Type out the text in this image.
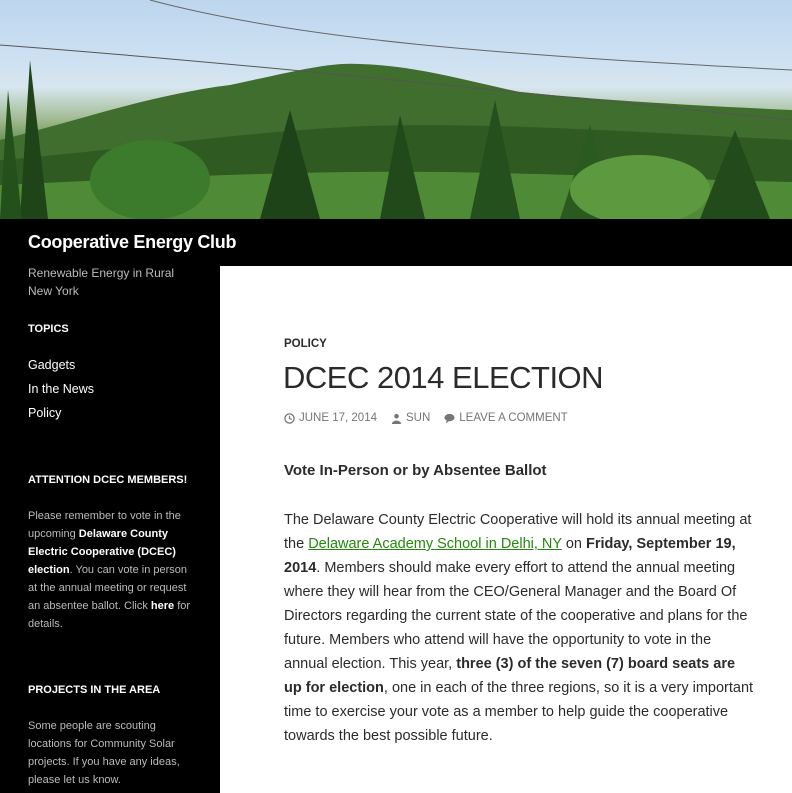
Cooperative Energy Club
Renewable Energy in Rural New York
TOPICS
Gadgets
In the News
Policy
ATTENTION DCEC MEMBERS!
Please remember to vote in the upcoming Delaware County Electric Cooperative (DCEC) election. You can vote in person at the annual meeting or request an absentee ballot. Click here for details.
PROJECTS IN THE AREA
Some people are scouting locations for Community Solar projects. If you have any ideas, please let us know.
POLICY
DCEC 2014 ELECTION
JUNE 17, 2014	SUN	LEAVE A COMMENT
Vote In-Person or by Absentee Ballot
The Delaware County Electric Cooperative will hold its annual meeting at the Delaware Academy School in Delhi, NY on Friday, September 19, 2014. Members should make every effort to attend the annual meeting where they will hear from the CEO/General Manager and the Board Of Directors regarding the current state of the cooperative and plans for the future. Members who attend will have the opportunity to vote in the annual election. This year, three (3) of the seven (7) board seats are up for election, one in each of the three regions, so it is a very important time to exercise your vote as a member to help guide the cooperative towards the best possible future.
